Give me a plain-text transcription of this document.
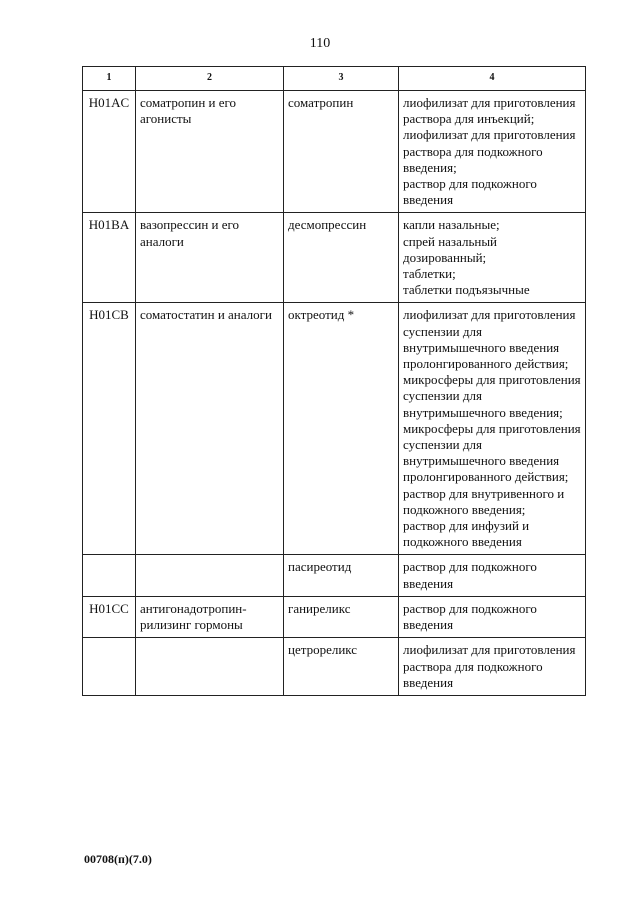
110
1	2	3	4
H01AC	соматропин и его агонисты	соматропин	лиофилизат для приготовления раствора для инъекций;
лиофилизат для приготовления раствора для подкожного введения;
раствор для подкожного введения

H01BA	вазопрессин и его аналоги	десмопрессин	капли назальные;
спрей назальный дозированный;
таблетки;
таблетки подъязычные

H01CB	соматостатин и аналоги	октреотид *	лиофилизат для приготовления суспензии для внутримышечного введения пролонгированного действия;
микросферы для приготовления суспензии для внутримышечного введения;
микросферы для приготовления суспензии для внутримышечного введения пролонгированного действия;
раствор для внутривенного и подкожного введения;
раствор для инфузий и подкожного введения

		пасиреотид	раствор для подкожного введения

H01CC	антигонадотропин-рилизинг гормоны	ганиреликс	раствор для подкожного введения

		цетрореликс	лиофилизат для приготовления раствора для подкожного введения
00708(п)(7.0)
